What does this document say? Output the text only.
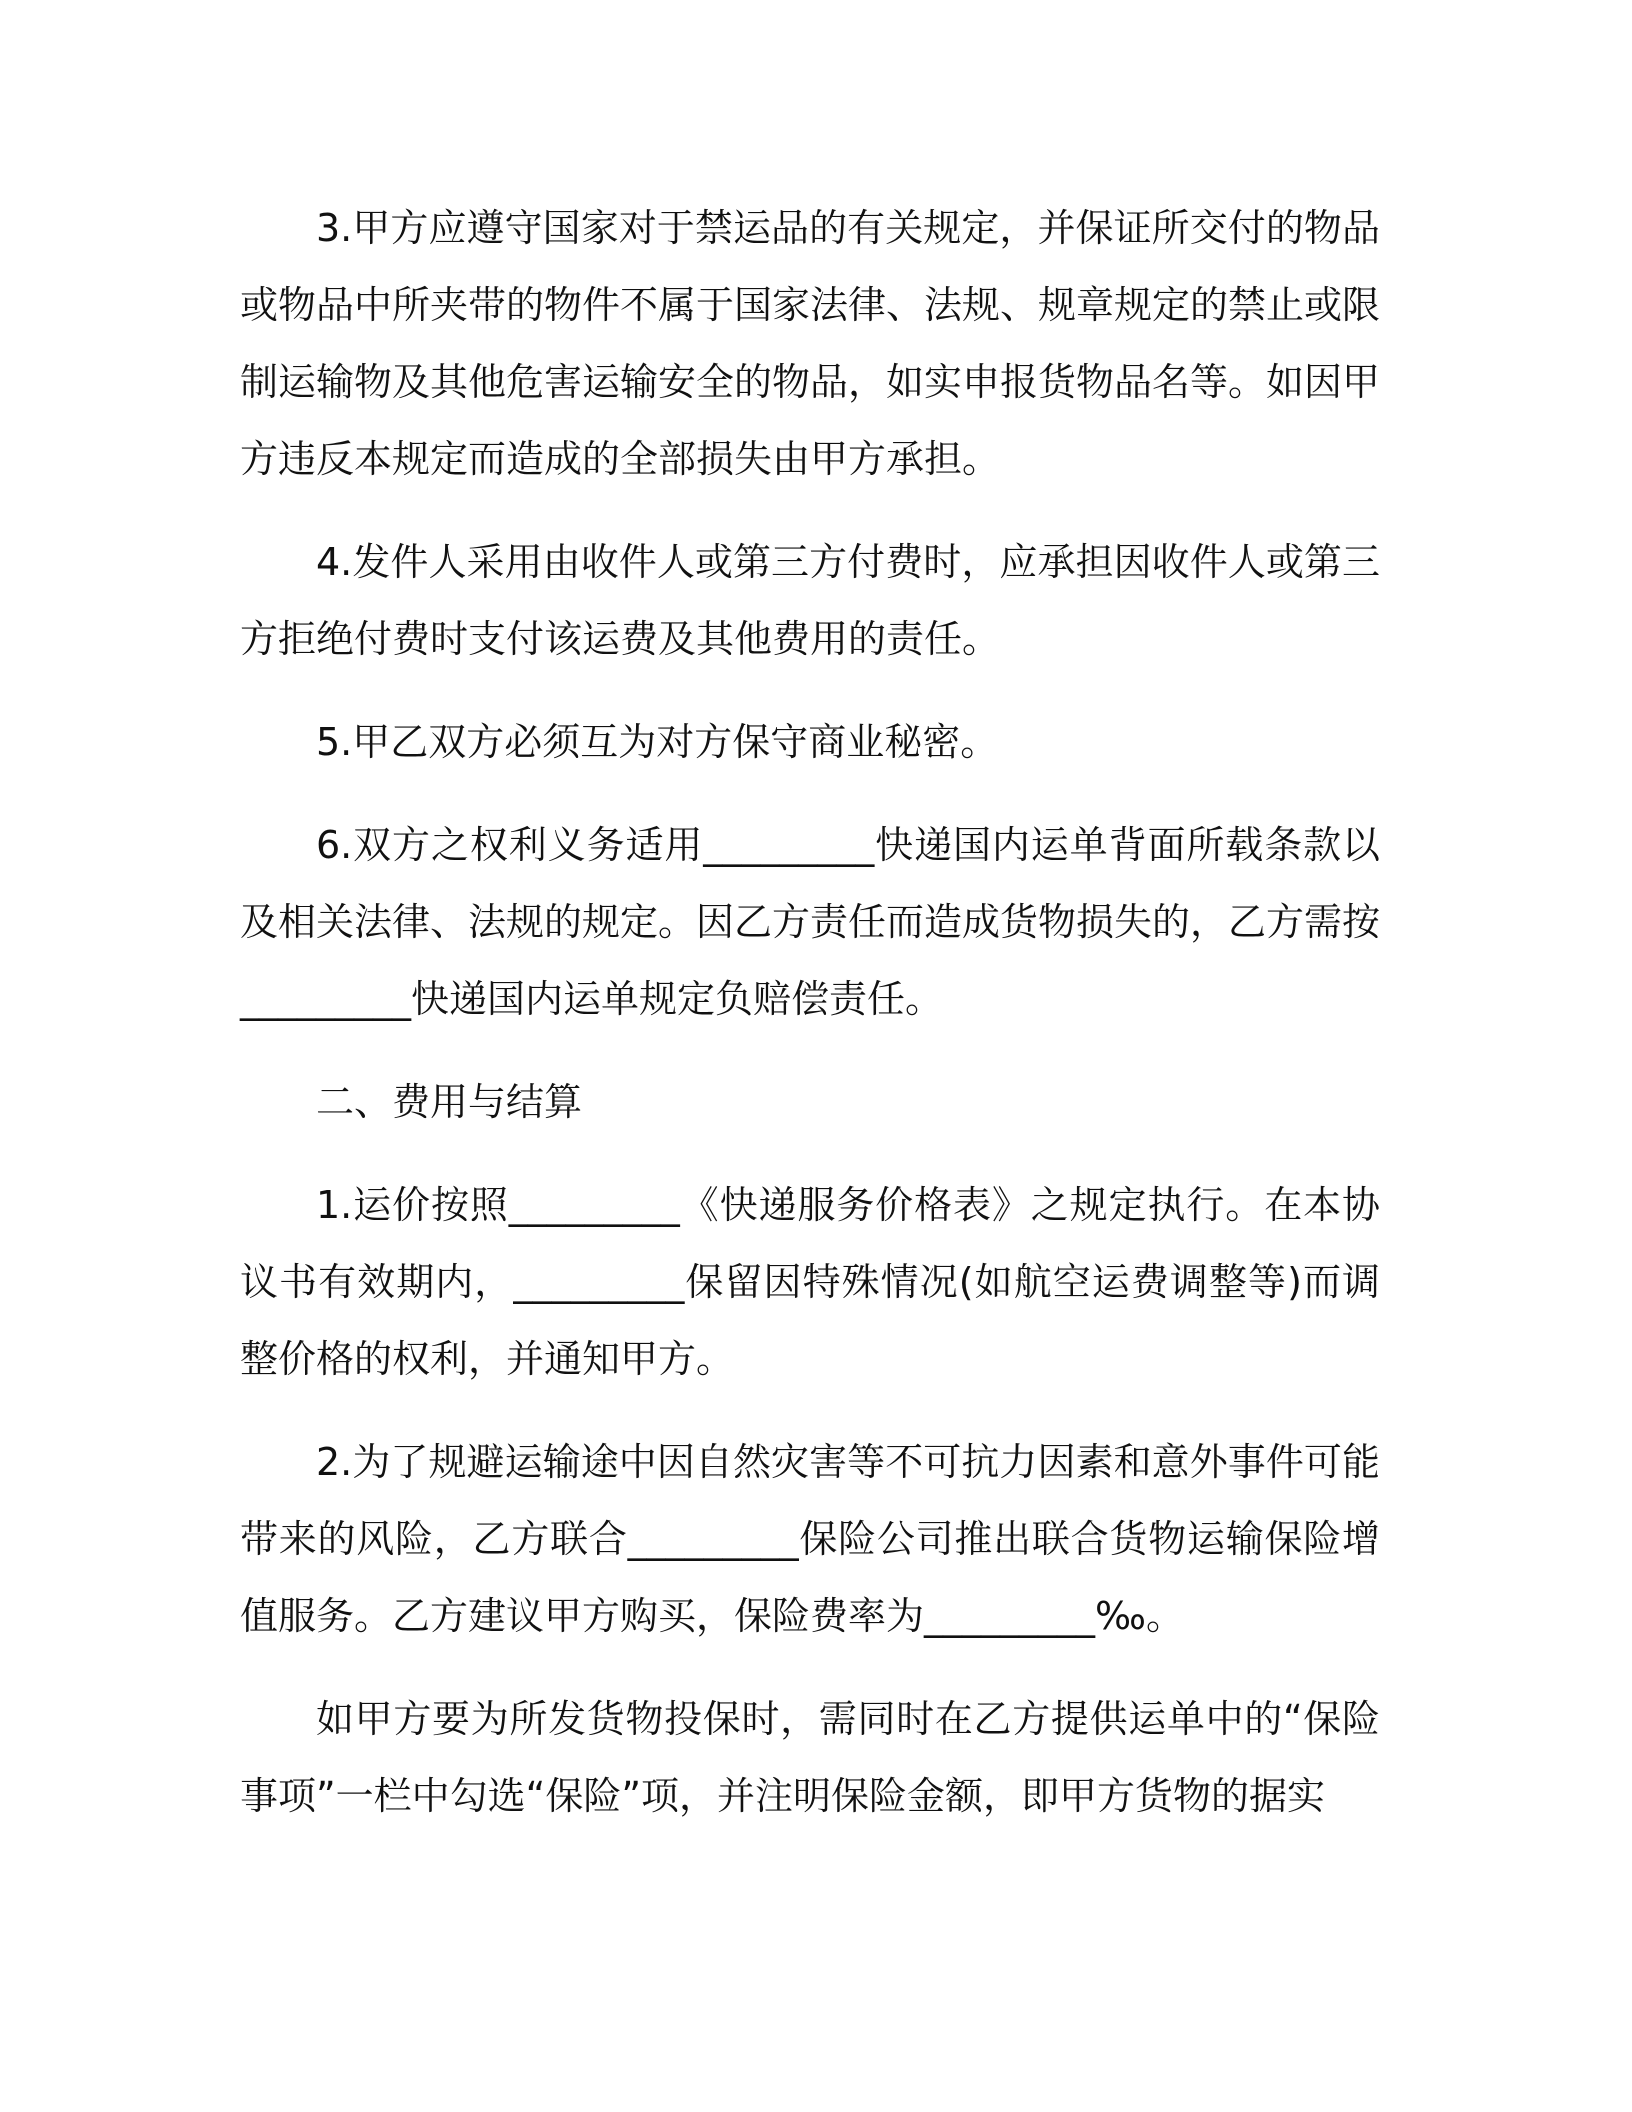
3.甲方应遵守国家对于禁运品的有关规定，并保证所交付的物品或物品中所夹带的物件不属于国家法律、法规、规章规定的禁止或限制运输物及其他危害运输安全的物品，如实申报货物品名等。如因甲方违反本规定而造成的全部损失由甲方承担。

4.发件人采用由收件人或第三方付费时，应承担因收件人或第三方拒绝付费时支付该运费及其他费用的责任。

5.甲乙双方必须互为对方保守商业秘密。

6.双方之权利义务适用_________快递国内运单背面所载条款以及相关法律、法规的规定。因乙方责任而造成货物损失的，乙方需按_________快递国内运单规定负赔偿责任。

二、费用与结算

1.运价按照_________《快递服务价格表》之规定执行。在本协议书有效期内，_________保留因特殊情况(如航空运费调整等)而调整价格的权利，并通知甲方。

2.为了规避运输途中因自然灾害等不可抗力因素和意外事件可能带来的风险，乙方联合_________保险公司推出联合货物运输保险增值服务。乙方建议甲方购买，保险费率为_________‰。

如甲方要为所发货物投保时，需同时在乙方提供运单中的“保险事项”一栏中勾选“保险”项，并注明保险金额，即甲方货物的据实
